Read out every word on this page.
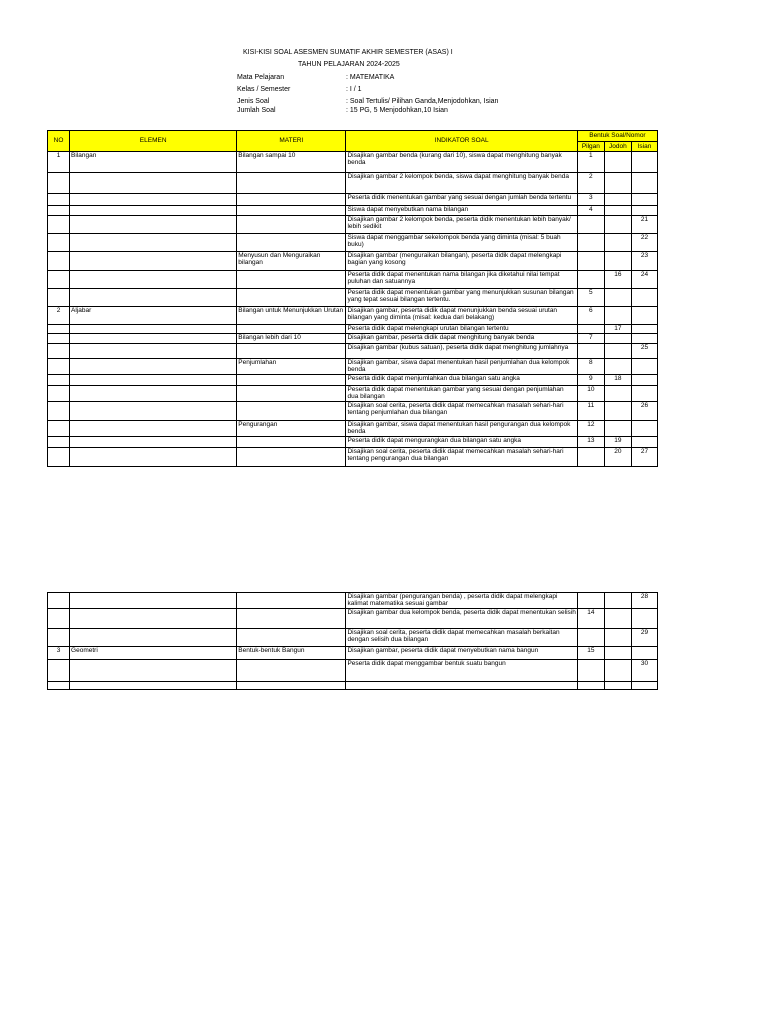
KISI-KISI SOAL ASESMEN SUMATIF AKHIR SEMESTER (ASAS) I
TAHUN PELAJARAN 2024-2025
Mata Pelajaran	: MATEMATIKA
Kelas / Semester	: I / 1
Jenis Soal	: Soal Tertulis/ Pilihan Ganda,Menjodohkan, Isian
Jumlah Soal	: 15 PG, 5 Menjodohkan,10 Isian
NO	ELEMEN	MATERI	INDIKATOR SOAL	Bentuk Soal/Nomor		
				Pilgan	Jodoh	Isian
1	Bilangan	Bilangan sampai 10	Disajikan gambar benda (kurang dari 10), siswa dapat menghitung banyak benda	1		
			Disajikan gambar 2 kelompok benda, siswa dapat menghitung banyak benda	2		
			Peserta didik menentukan gambar yang sesuai dengan jumlah benda tertentu	3		
			Siswa dapat menyebutkan nama bilangan	4		
			Disajikan gambar 2 kelompok benda, peserta didik menentukan lebih banyak/ lebih sedikit			21
			Siswa dapat menggambar sekelompok benda yang diminta (misal: 5 buah buku)			22
		Menyusun dan Menguraikan bilangan	Disajikan gambar (menguraikan bilangan), peserta didik dapat melengkapi bagian yang kosong			23
			Peserta didik dapat menentukan nama bilangan jika diketahui nilai tempat puluhan dan satuannya		16	24
			Peserta didik dapat menentukan gambar yang menunjukkan susunan bilangan yang tepat sesuai bilangan tertentu.	5		
2	Aljabar	Bilangan untuk Menunjukkan Urutan	Disajikan gambar, peserta didik dapat menunjukkan benda sesuai urutan bilangan yang diminta (misal: kedua dari belakang)	6		
			Peserta didik dapat melengkapi urutan bilangan tertentu		17	
		Bilangan lebih dari 10	Disajikan gambar, peserta didik dapat menghitung banyak benda	7		
			Disajikan gambar (kubus satuan), peserta didik dapat menghitung jumlahnya			25
		Penjumlahan	Disajikan gambar, siswa dapat menentukan hasil penjumlahan dua kelompok benda	8		
			Peserta didik dapat menjumlahkan dua bilangan satu angka	9	18	
			Peserta didik dapat menentukan gambar yang sesuai dengan penjumlahan dua bilangan	10		
			Disajikan soal cerita, peserta didik dapat memecahkan masalah sehari-hari tentang penjumlahan dua bilangan	11		26
		Pengurangan	Disajikan gambar, siswa dapat menentukan hasil pengurangan dua kelompok benda	12		
			Peserta didik dapat mengurangkan dua bilangan satu angka	13	19	
			Disajikan soal cerita, peserta didik dapat memecahkan masalah sehari-hari tentang pengurangan dua bilangan		20	27
			Disajikan gambar (pengurangan benda) , peserta didik dapat melengkapi kalimat matematika sesuai gambar			28
			Disajikan gambar dua kelompok benda, peserta didik dapat menentukan selisih	14		
			Disajikan soal cerita, peserta didik dapat memecahkan masalah berkaitan dengan selisih dua bilangan			29
3	Geometri	Bentuk-bentuk Bangun	Disajikan gambar, peserta didik dapat menyebutkan nama bangun	15		
			Peserta didik dapat menggambar bentuk suatu bangun			30
